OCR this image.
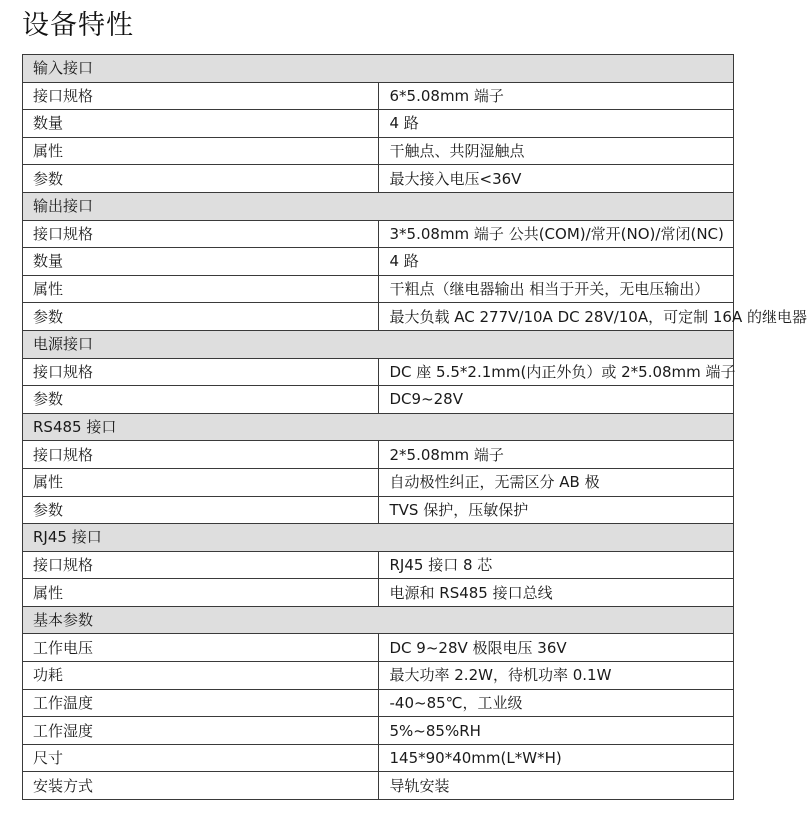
设备特性
输入接口	
接口规格	6*5.08mm 端子
数量	4 路
属性	干触点、共阴湿触点
参数	最大接入电压<36V
输出接口	
接口规格	3*5.08mm 端子 公共(COM)/常开(NO)/常闭(NC)
数量	4 路
属性	干粗点（继电器输出 相当于开关，无电压输出）
参数	最大负载 AC 277V/10A DC 28V/10A，可定制 16A 的继电器
电源接口	
接口规格	DC 座 5.5*2.1mm(内正外负）或 2*5.08mm 端子
参数	DC9~28V
RS485 接口	
接口规格	2*5.08mm 端子
属性	自动极性纠正，无需区分 AB 极
参数	TVS 保护，压敏保护
RJ45 接口	
接口规格	RJ45 接口 8 芯
属性	电源和 RS485 接口总线
基本参数	
工作电压	DC 9~28V 极限电压 36V
功耗	最大功率 2.2W，待机功率 0.1W
工作温度	-40~85℃，工业级
工作湿度	5%~85%RH
尺寸	145*90*40mm(L*W*H)
安装方式	导轨安装
